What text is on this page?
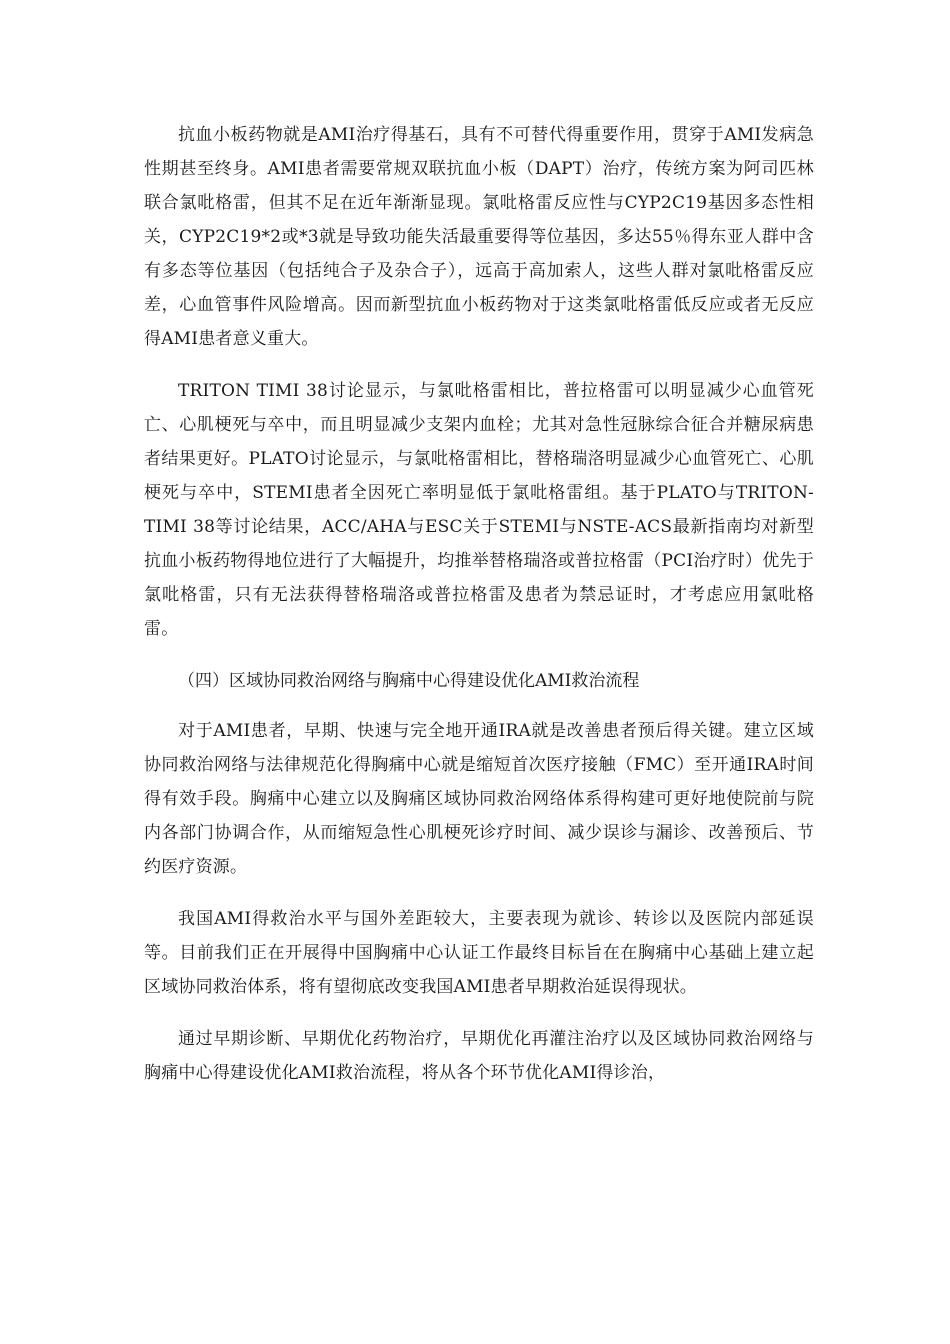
抗血小板药物就是AMI治疗得基石，具有不可替代得重要作用，贯穿于AMI发病急性期甚至终身。AMI患者需要常规双联抗血小板（DAPT）治疗，传统方案为阿司匹林联合氯吡格雷，但其不足在近年渐渐显现。氯吡格雷反应性与CYP2C19基因多态性相关，CYP2C19*2或*3就是导致功能失活最重要得等位基因，多达55％得东亚人群中含有多态等位基因（包括纯合子及杂合子），远高于高加索人，这些人群对氯吡格雷反应差，心血管事件风险增高。因而新型抗血小板药物对于这类氯吡格雷低反应或者无反应得AMI患者意义重大。

TRITON TIMI 38讨论显示，与氯吡格雷相比，普拉格雷可以明显减少心血管死亡、心肌梗死与卒中，而且明显减少支架内血栓；尤其对急性冠脉综合征合并糖尿病患者结果更好。PLATO讨论显示，与氯吡格雷相比，替格瑞洛明显减少心血管死亡、心肌梗死与卒中，STEMI患者全因死亡率明显低于氯吡格雷组。基于PLATO与TRITON-TIMI 38等讨论结果，ACC/AHA与ESC关于STEMI与NSTE-ACS最新指南均对新型抗血小板药物得地位进行了大幅提升，均推举替格瑞洛或普拉格雷（PCI治疗时）优先于氯吡格雷，只有无法获得替格瑞洛或普拉格雷及患者为禁忌证时，才考虑应用氯吡格雷。

（四）区域协同救治网络与胸痛中心得建设优化AMI救治流程

对于AMI患者，早期、快速与完全地开通IRA就是改善患者预后得关键。建立区域协同救治网络与法律规范化得胸痛中心就是缩短首次医疗接触（FMC）至开通IRA时间得有效手段。胸痛中心建立以及胸痛区域协同救治网络体系得构建可更好地使院前与院内各部门协调合作，从而缩短急性心肌梗死诊疗时间、减少误诊与漏诊、改善预后、节约医疗资源。

我国AMI得救治水平与国外差距较大，主要表现为就诊、转诊以及医院内部延误等。目前我们正在开展得中国胸痛中心认证工作最终目标旨在在胸痛中心基础上建立起区域协同救治体系，将有望彻底改变我国AMI患者早期救治延误得现状。

通过早期诊断、早期优化药物治疗，早期优化再灌注治疗以及区域协同救治网络与胸痛中心得建设优化AMI救治流程，将从各个环节优化AMI得诊治，
